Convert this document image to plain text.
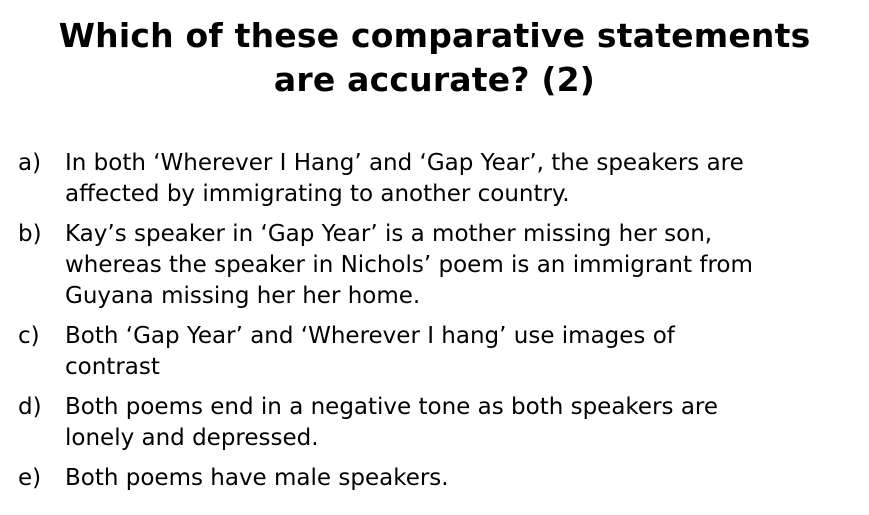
Which of these comparative statements
are accurate? (2)
a)	In both ‘Wherever I Hang’ and ‘Gap Year’, the speakers are
affected by immigrating to another country.
b)	Kay’s speaker in ‘Gap Year’ is a mother missing her son,
whereas the speaker in Nichols’ poem is an immigrant from
Guyana missing her her home.
c)	Both ‘Gap Year’ and ‘Wherever I hang’ use images of
contrast
d)	Both poems end in a negative tone as both speakers are
lonely and depressed.
e)	Both poems have male speakers.
